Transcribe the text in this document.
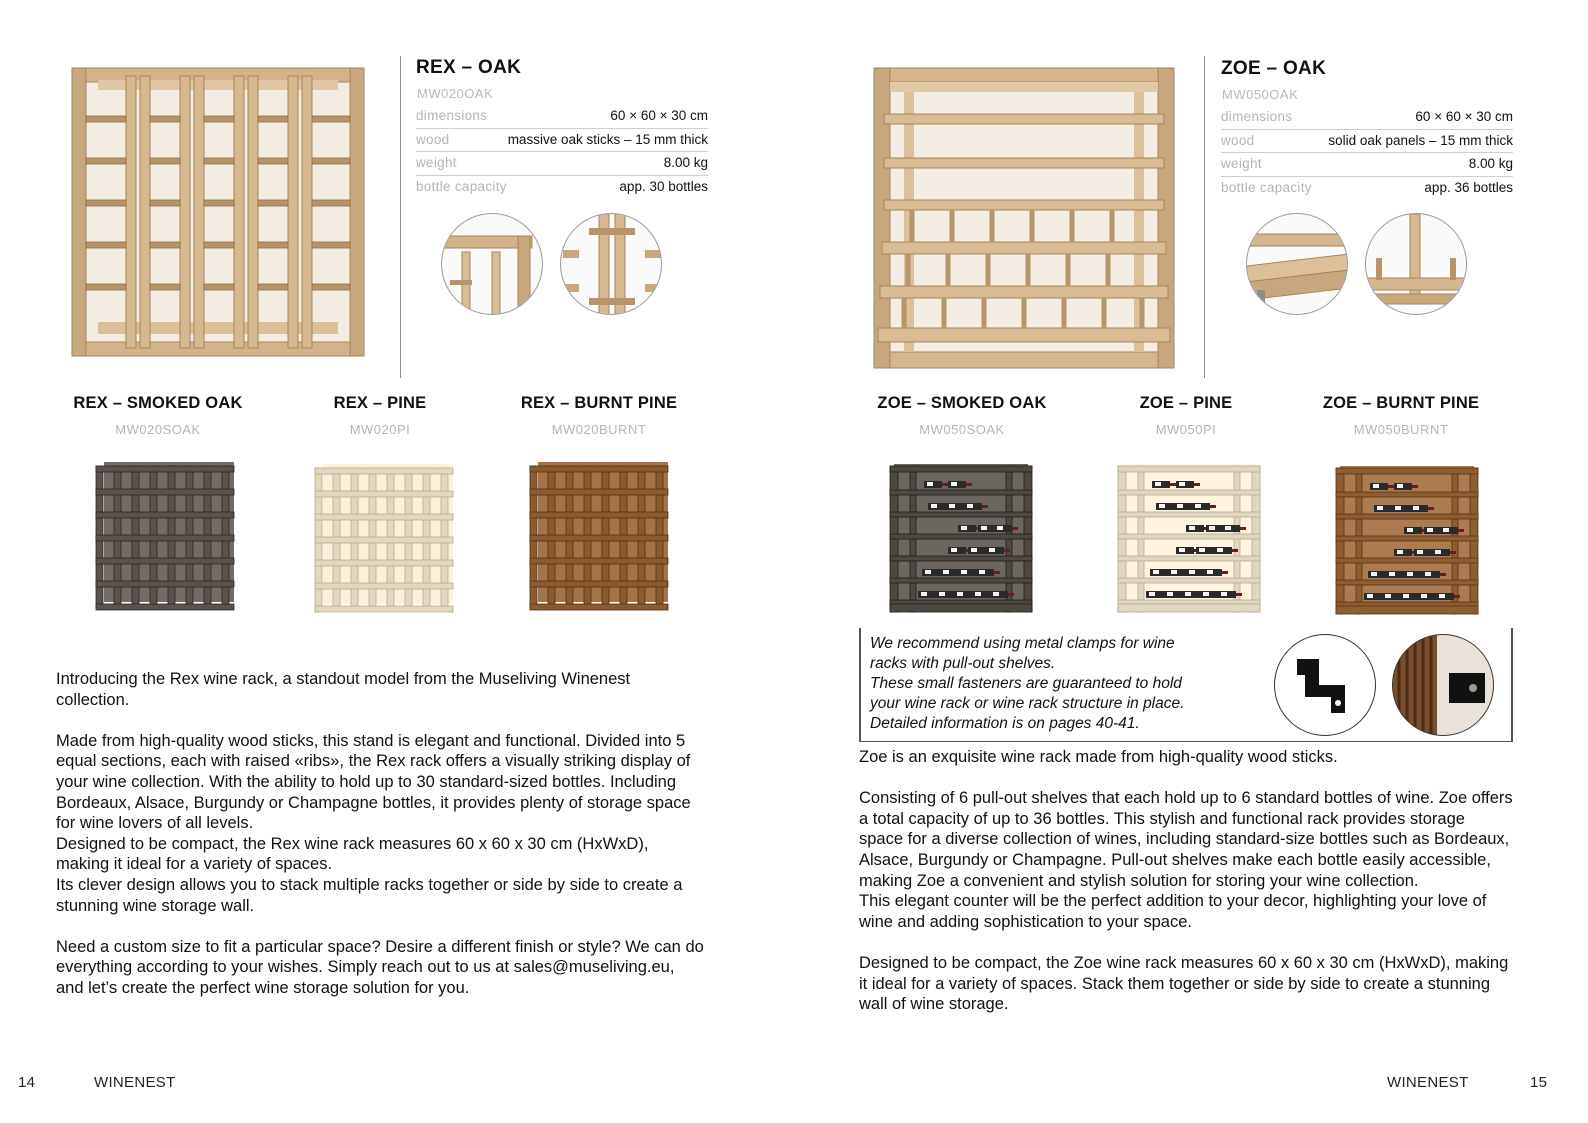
REX – OAK
MW020OAK
dimensions	60 × 60 × 30 cm
wood	massive oak sticks – 15 mm thick
weight	8.00 kg
bottle capacity	app. 30 bottles
REX – SMOKED OAK
MW020SOAK
REX – PINE
MW020PI
REX – BURNT PINE
MW020BURNT

Introducing the Rex wine rack, a standout model from the Museliving Winenest collection.

Made from high-quality wood sticks, this stand is elegant and functional. Divided into 5 equal sections, each with raised «ribs», the Rex rack offers a visually striking display of your wine collection. With the ability to hold up to 30 standard-sized bottles. Including Bordeaux, Alsace, Burgundy or Champagne bottles, it provides plenty of storage space for wine lovers of all levels.

Designed to be compact, the Rex wine rack measures 60 x 60 x 30 cm (HxWxD), making it ideal for a variety of spaces.

Its clever design allows you to stack multiple racks together or side by side to create a stunning wine storage wall.

Need a custom size to fit a particular space? Desire a different finish or style? We can do everything according to your wishes. Simply reach out to us at sales@museliving.eu, and let’s create the perfect wine storage solution for you.

14	WINENEST
ZOE – OAK
MW050OAK
dimensions	60 × 60 × 30 cm
wood	solid oak panels – 15 mm thick
weight	8.00 kg
bottle capacity	app. 36 bottles
ZOE – SMOKED OAK
MW050SOAK
ZOE – PINE
MW050PI
ZOE – BURNT PINE
MW050BURNT
We recommend using metal clamps for wine
racks with pull-out shelves.
These small fasteners are guaranteed to hold
your wine rack or wine rack structure in place.
Detailed information is on pages 40-41.

Zoe is an exquisite wine rack made from high-quality wood sticks.

Consisting of 6 pull-out shelves that each hold up to 6 standard bottles of wine. Zoe offers a total capacity of up to 36 bottles. This stylish and functional rack provides storage space for a diverse collection of wines, including standard-size bottles such as Bordeaux, Alsace, Burgundy or Champagne. Pull-out shelves make each bottle easily accessible, making Zoe a convenient and stylish solution for storing your wine collection.

This elegant counter will be the perfect addition to your decor, highlighting your love of wine and adding sophistication to your space.

Designed to be compact, the Zoe wine rack measures 60 x 60 x 30 cm (HxWxD), making it ideal for a variety of spaces. Stack them together or side by side to create a stunning wall of wine storage.

WINENEST	15
